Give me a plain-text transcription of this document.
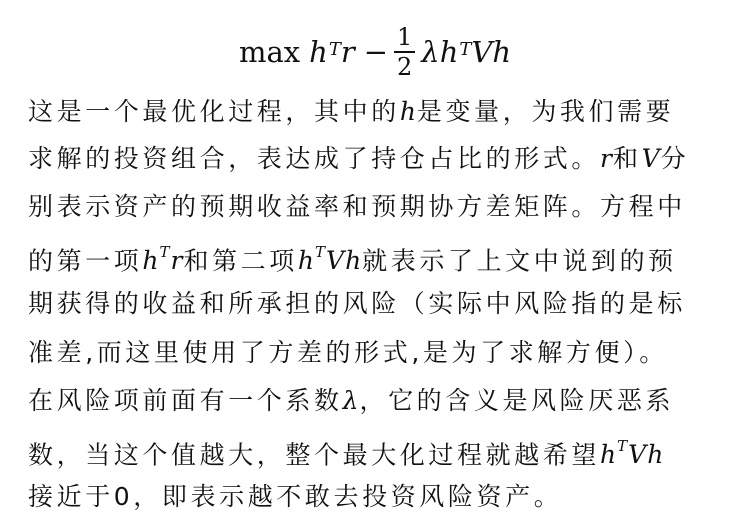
$\max h^T$ $r - \frac{1}{2}$ λ $h^T$ V h
这是一个最优化过程，其中的h是变量，为我们需要
求解的投资组合，表达成了持仓占比的形式。r和V分
别表示资产的预期收益率和预期协方差矩阵。方程中
的第一项$h^Tr$和第二项$h^TVh$就表示了上文中说到的预
期获得的收益和所承担的风险（实际中风险指的是标
准差,而这里使用了方差的形式,是为了求解方便）。
在风险项前面有一个系数λ，它的含义是风险厌恶系
数，当这个值越大，整个最大化过程就越希望$h^TVh$
接近于0，即表示越不敢去投资风险资产。
